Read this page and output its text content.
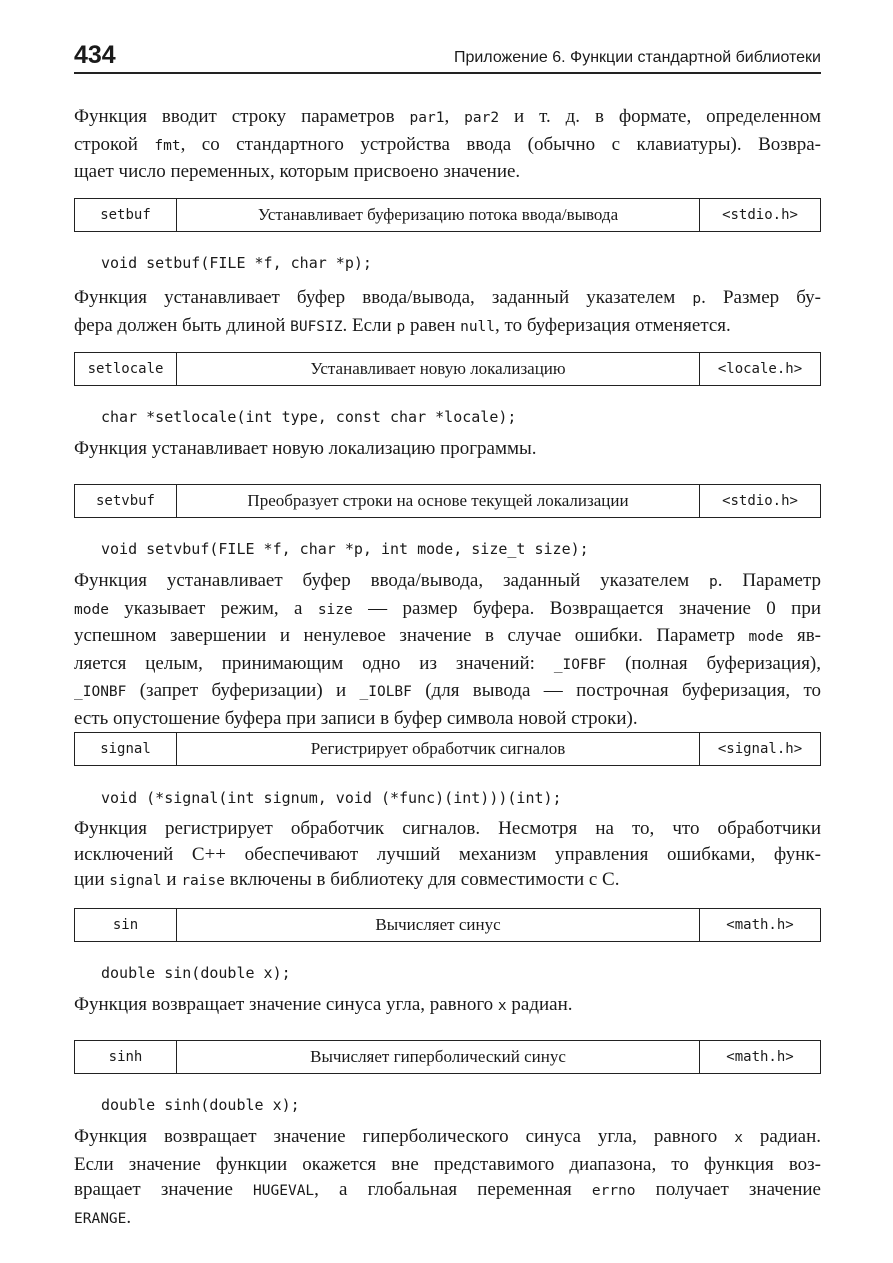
434	Приложение 6. Функции стандартной библиотеки
Функция вводит строку параметров par1, par2 и т. д. в формате, определенном
строкой fmt, со стандартного устройства ввода (обычно с клавиатуры). Возвра-
щает число переменных, которым присвоено значение.
setbuf	Устанавливает буферизацию потока ввода/вывода	<stdio.h>
void setbuf(FILE *f, char *p);
Функция устанавливает буфер ввода/вывода, заданный указателем p. Размер бу-
фера должен быть длиной BUFSIZ. Если p равен null, то буферизация отменяется.
setlocale	Устанавливает новую локализацию	<locale.h>
char *setlocale(int type, const char *locale);
Функция устанавливает новую локализацию программы.
setvbuf	Преобразует строки на основе текущей локализации	<stdio.h>
void setvbuf(FILE *f, char *p, int mode, size_t size);
Функция устанавливает буфер ввода/вывода, заданный указателем p. Параметр
mode указывает режим, а size — размер буфера. Возвращается значение 0 при
успешном завершении и ненулевое значение в случае ошибки. Параметр mode яв-
ляется целым, принимающим одно из значений: _IOFBF (полная буферизация),
_IONBF (запрет буферизации) и _IOLBF (для вывода — построчная буферизация, то
есть опустошение буфера при записи в буфер символа новой строки).
signal	Регистрирует обработчик сигналов	<signal.h>
void (*signal(int signum, void (*func)(int)))(int);
Функция регистрирует обработчик сигналов. Несмотря на то, что обработчики
исключений C++ обеспечивают лучший механизм управления ошибками, функ-
ции signal и raise включены в библиотеку для совместимости с C.
sin	Вычисляет синус	<math.h>
double sin(double x);
Функция возвращает значение синуса угла, равного x радиан.
sinh	Вычисляет гиперболический синус	<math.h>
double sinh(double x);
Функция возвращает значение гиперболического синуса угла, равного x радиан.
Если значение функции окажется вне представимого диапазона, то функция воз-
вращает значение HUGEVAL, а глобальная переменная errno получает значение
ERANGE.
